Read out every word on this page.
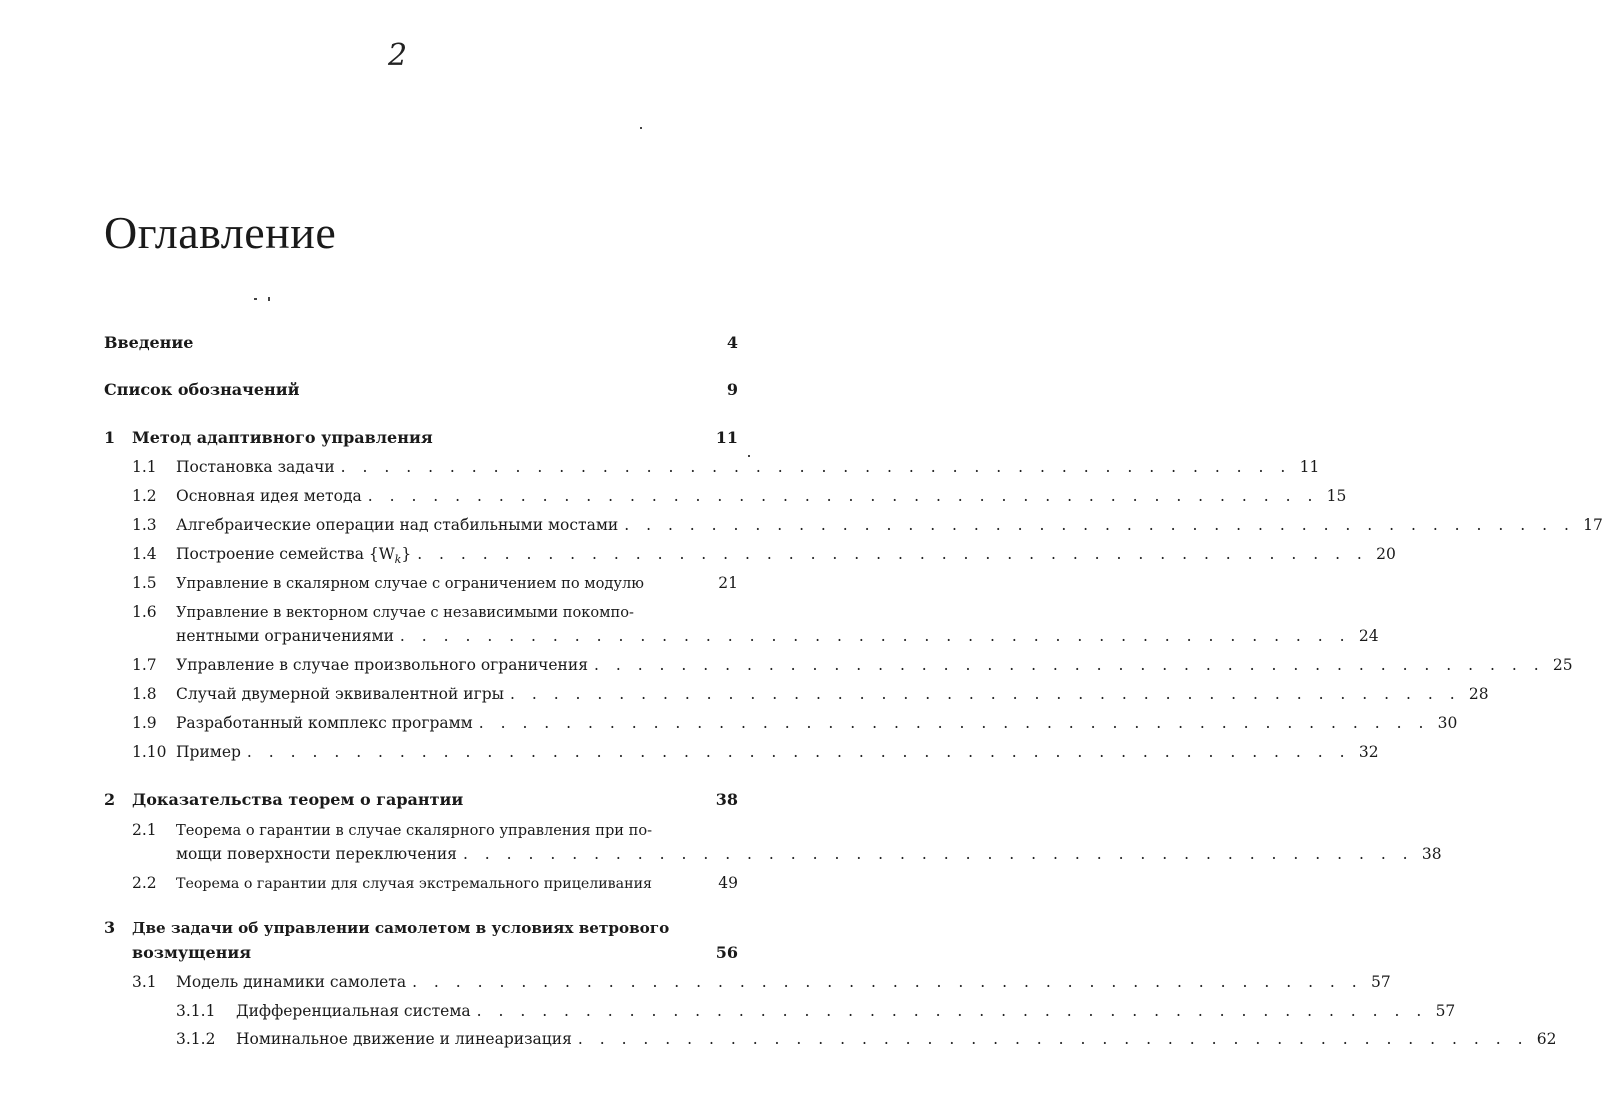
2
Оглавление
Введение	4
Список обозначений	9
1	Метод адаптивного управления	11
1.1	Постановка задачи . . . . . . . . . . . . . . . . . . . . . . . . . . . . . . . . . . . . . . . . . . . . 11
1.2	Основная идея метода . . . . . . . . . . . . . . . . . . . . . . . . . . . . . . . . . . . . . . . . . . . . 15
1.3	Алгебраические операции над стабильными мостами . . . . . . . . . . . . . . . . . . . . . . . . . . . . . . . . . . . . . . . . . . . . 17
1.4	Построение семейства $\{W_k\}$ . . . . . . . . . . . . . . . . . . . . . . . . . . . . . . . . . . . . . . . . . . . . 20
1.5	Управление в скалярном случае с ограничением по модулю	21
1.6	Управление в векторном случае с независимыми покомпо-
нентными ограничениями . . . . . . . . . . . . . . . . . . . . . . . . . . . . . . . . . . . . . . . . . . . . 24
1.7	Управление в случае произвольного ограничения . . . . . . . . . . . . . . . . . . . . . . . . . . . . . . . . . . . . . . . . . . . . 25
1.8	Случай двумерной эквивалентной игры . . . . . . . . . . . . . . . . . . . . . . . . . . . . . . . . . . . . . . . . . . . . 28
1.9	Разработанный комплекс программ . . . . . . . . . . . . . . . . . . . . . . . . . . . . . . . . . . . . . . . . . . . . 30
1.10 Пример . . . . . . . . . . . . . . . . . . . . . . . . . . . . . . . . . . . . . . . . . . . . . . . . . . . 32
2	Доказательства теорем о гарантии	38
2.1	Теорема о гарантии в случае скалярного управления при по-
мощи поверхности переключения . . . . . . . . . . . . . . . . . . . . . . . . . . . . . . . . . . . . . . . . . . . . 38
2.2	Теорема о гарантии для случая экстремального прицеливания	49
3	Две задачи об управлении самолетом в условиях ветрового
возмущения	56
3.1	Модель динамики самолета . . . . . . . . . . . . . . . . . . . . . . . . . . . . . . . . . . . . . . . . . . . . 57
3.1.1	Дифференциальная система . . . . . . . . . . . . . . . . . . . . . . . . . . . . . . . . . . . . . . . . . . . . 57
3.1.2	Номинальное движение и линеаризация . . . . . . . . . . . . . . . . . . . . . . . . . . . . . . . . . . . . . . . . . . . . 62
